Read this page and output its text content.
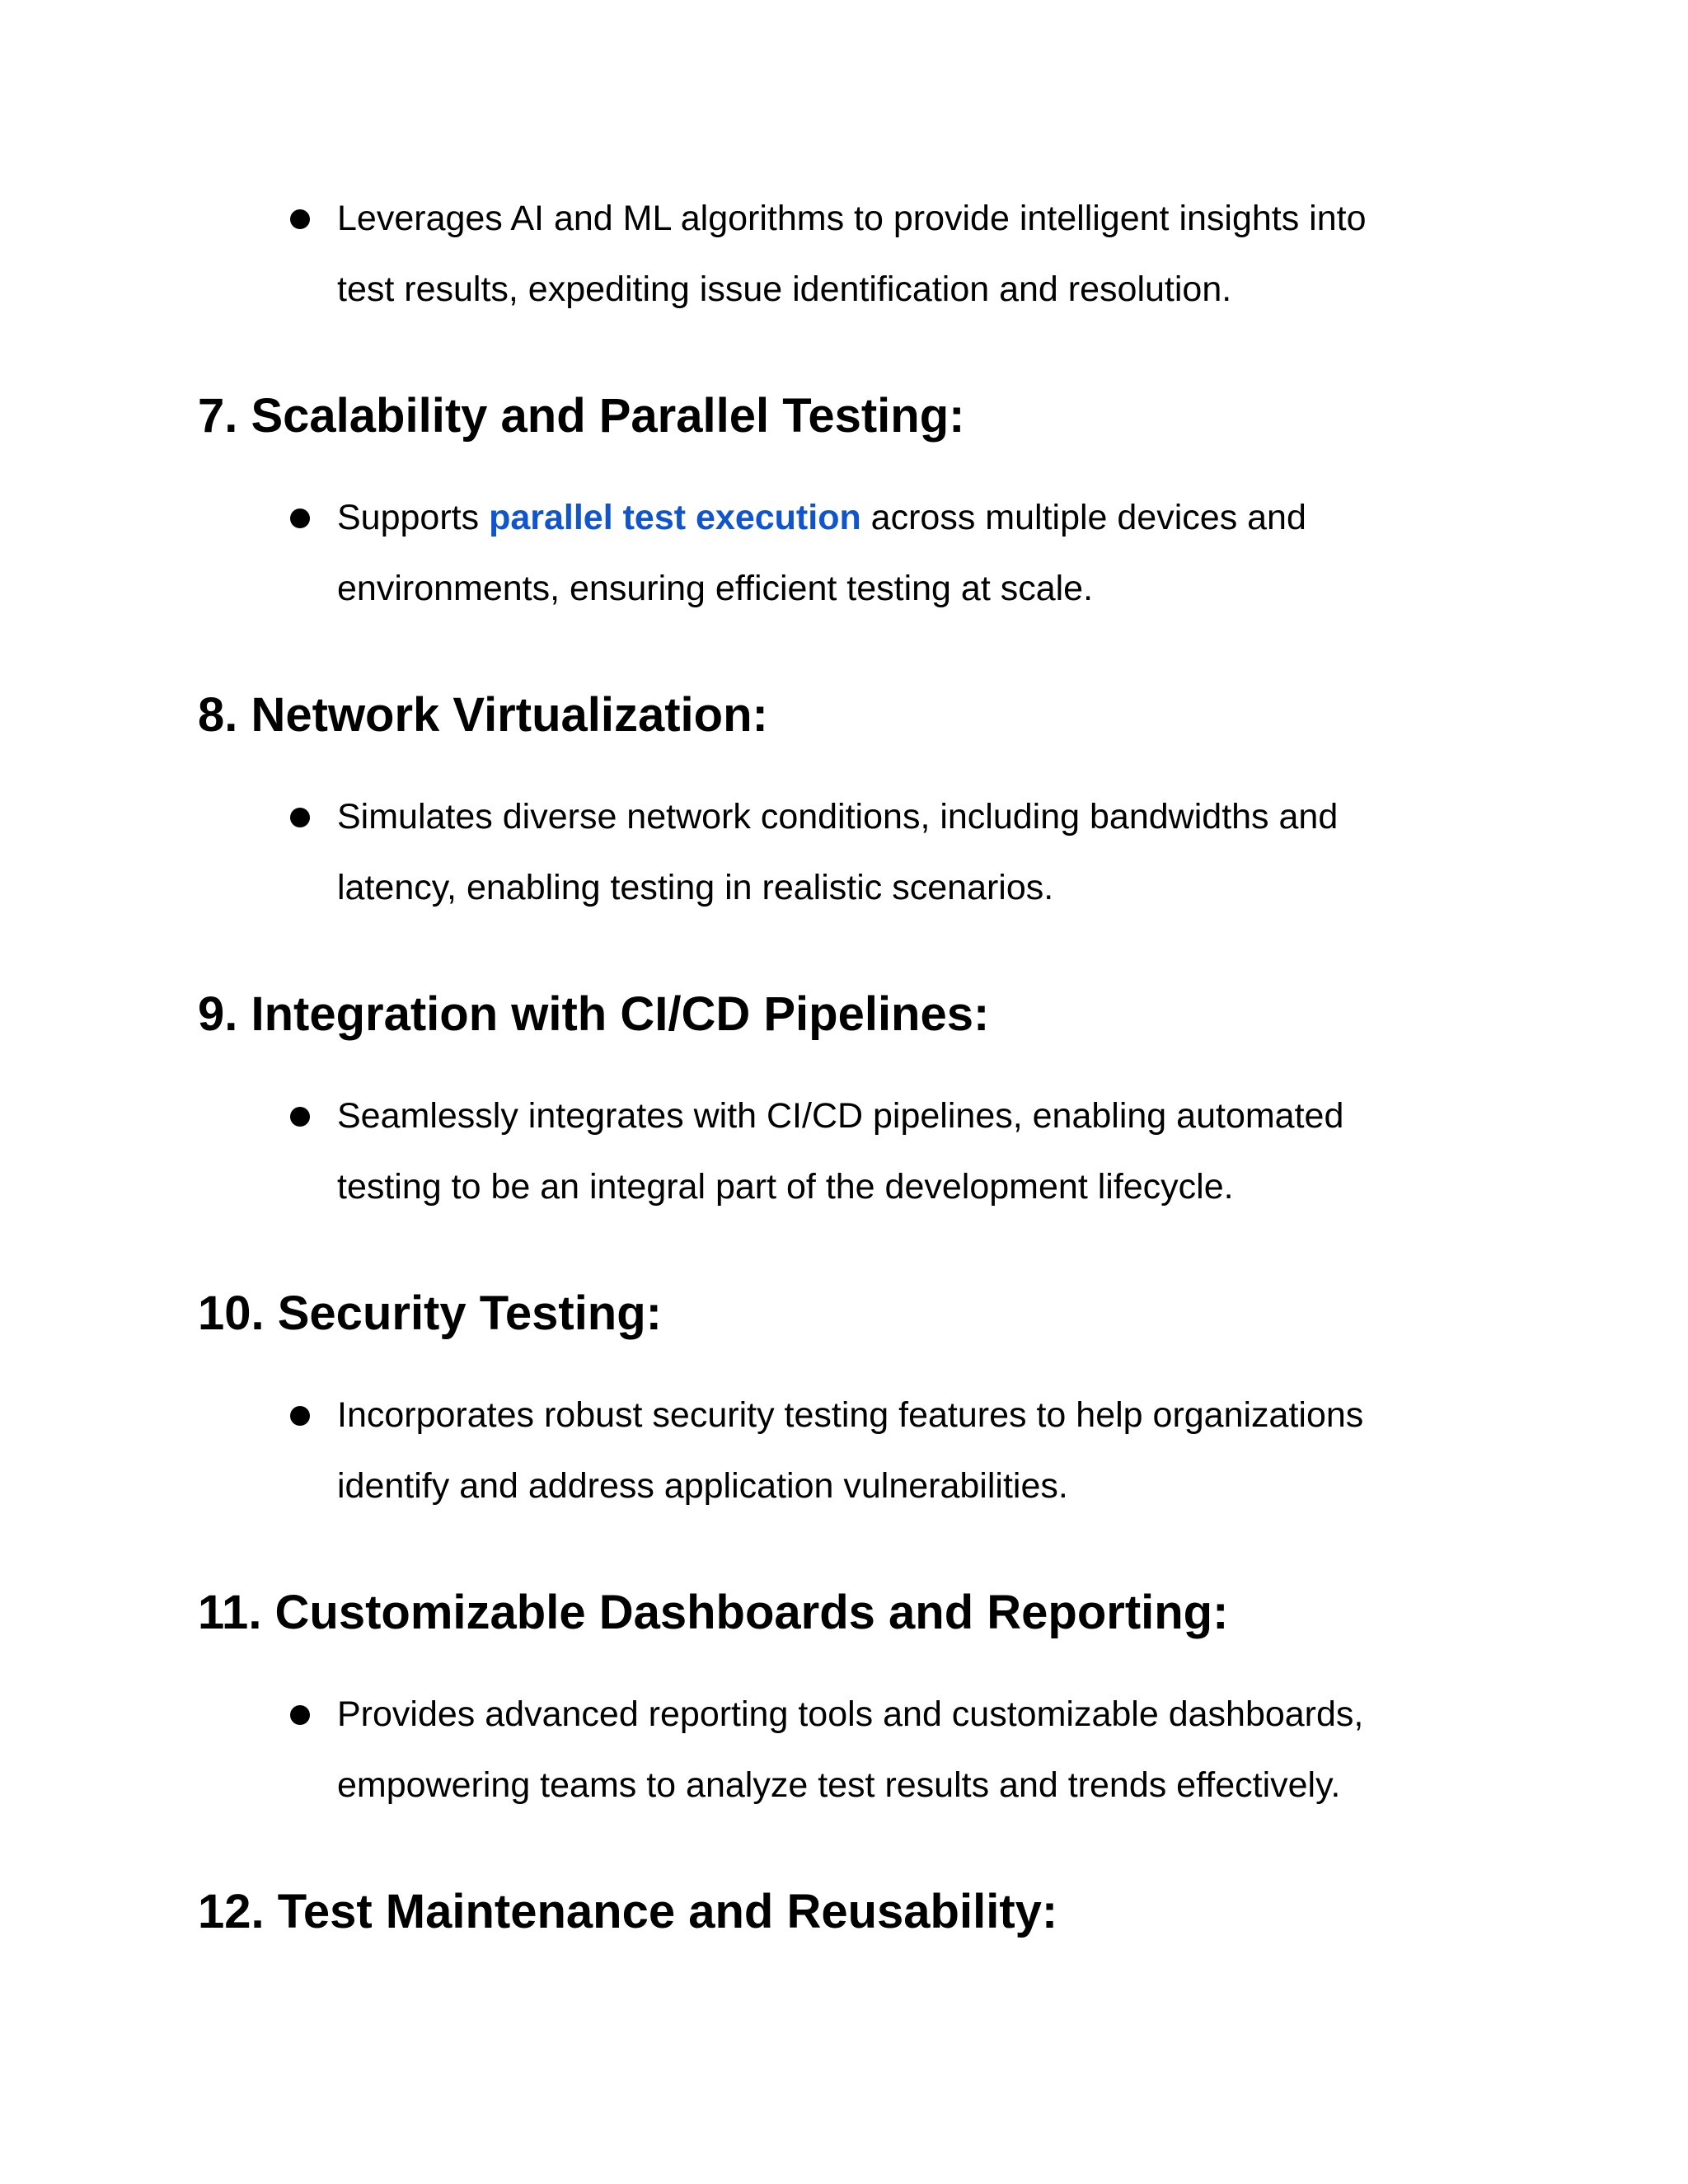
Leverages AI and ML algorithms to provide intelligent insights into
test results, expediting issue identification and resolution.

7. Scalability and Parallel Testing:

Supports parallel test execution across multiple devices and
environments, ensuring efficient testing at scale.

8. Network Virtualization:

Simulates diverse network conditions, including bandwidths and
latency, enabling testing in realistic scenarios.

9. Integration with CI/CD Pipelines:

Seamlessly integrates with CI/CD pipelines, enabling automated
testing to be an integral part of the development lifecycle.

10. Security Testing:

Incorporates robust security testing features to help organizations
identify and address application vulnerabilities.

11. Customizable Dashboards and Reporting:

Provides advanced reporting tools and customizable dashboards,
empowering teams to analyze test results and trends effectively.

12. Test Maintenance and Reusability:
